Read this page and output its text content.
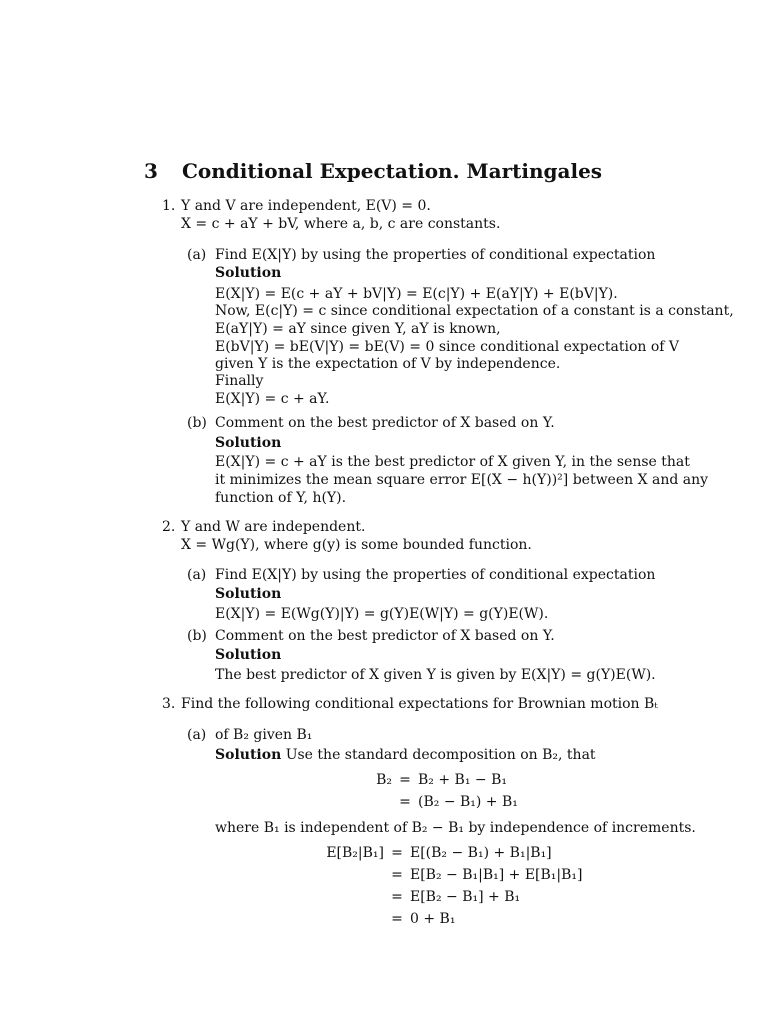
3 Conditional Expectation. Martingales
1. Y and V are independent, E(V) = 0.
X = c + aY + bV, where a, b, c are constants.
(a) Find E(X|Y) by using the properties of conditional expectation
Solution
E(X|Y) = E(c + aY + bV|Y) = E(c|Y) + E(aY|Y) + E(bV|Y).
Now, E(c|Y) = c since conditional expectation of a constant is a constant,
E(aY|Y) = aY since given Y, aY is known,
E(bV|Y) = bE(V|Y) = bE(V) = 0 since conditional expectation of V
given Y is the expectation of V by independence.
Finally
E(X|Y) = c + aY.
(b) Comment on the best predictor of X based on Y.
Solution
E(X|Y) = c + aY is the best predictor of X given Y, in the sense that
it minimizes the mean square error E[(X − h(Y))²] between X and any
function of Y, h(Y).
2. Y and W are independent.
X = Wg(Y), where g(y) is some bounded function.
(a) Find E(X|Y) by using the properties of conditional expectation
Solution
E(X|Y) = E(Wg(Y)|Y) = g(Y)E(W|Y) = g(Y)E(W).
(b) Comment on the best predictor of X based on Y.
Solution
The best predictor of X given Y is given by E(X|Y) = g(Y)E(W).
3. Find the following conditional expectations for Brownian motion Bₜ
(a) of B₂ given B₁
Solution Use the standard decomposition on B₂, that
B₂ = B₂ + B₁ − B₁
= (B₂ − B₁) + B₁
where B₁ is independent of B₂ − B₁ by independence of increments.
E[B₂|B₁] = E[(B₂ − B₁) + B₁|B₁]
= E[B₂ − B₁|B₁] + E[B₁|B₁]
= E[B₂ − B₁] + B₁
= 0 + B₁
